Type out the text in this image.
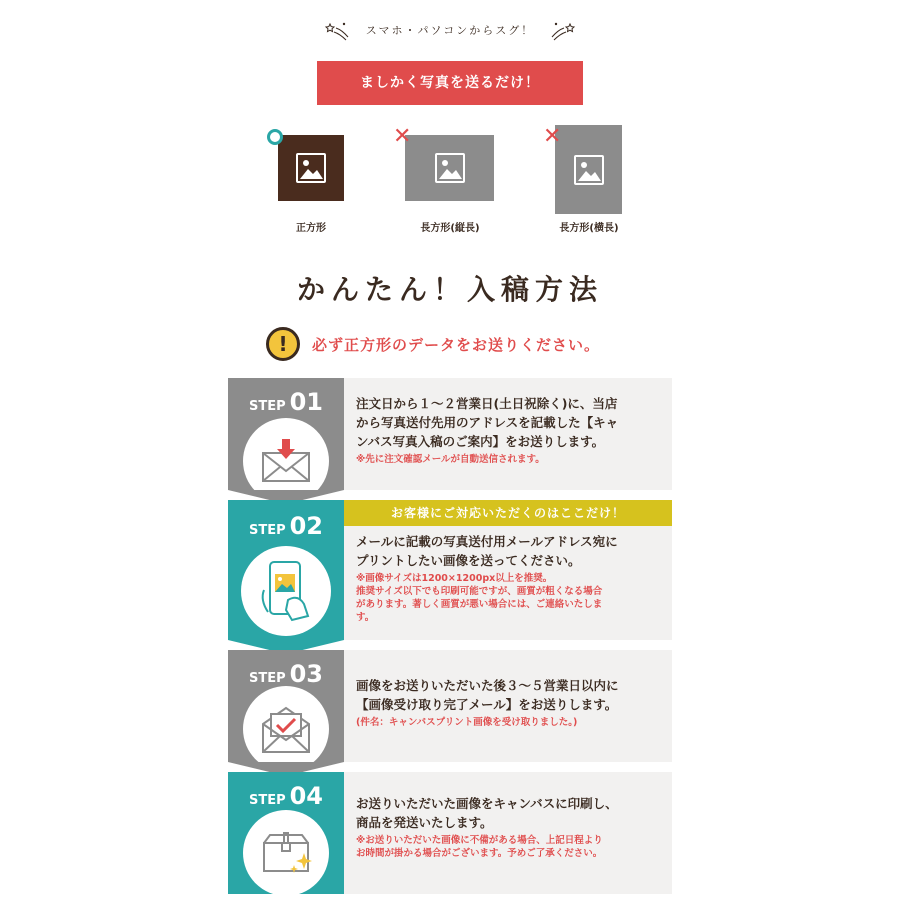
スマホ・パソコンからスグ！
ましかく写真を送るだけ！
正方形
✕
長方形(縦長)
✕
長方形(横長)
かんたん！入稿方法
!	必ず正方形のデータをお送りください。
STEP 01	注文日から１～２営業日(土日祝除く)に、当店
から写真送付先用のアドレスを記載した【キャ
ンバス写真入稿のご案内】をお送りします。
※先に注文確認メールが自動送信されます。
STEP 02	お客様にご対応いただくのはここだけ！
メールに記載の写真送付用メールアドレス宛に
プリントしたい画像を送ってください。
※画像サイズは1200×1200px以上を推奨。
推奨サイズ以下でも印刷可能ですが、画質が粗くなる場合
があります。著しく画質が悪い場合には、ご連絡いたしま
す。
STEP 03	画像をお送りいただいた後３～５営業日以内に
【画像受け取り完了メール】をお送りします。
(件名：キャンバスプリント画像を受け取りました。)
STEP 04	お送りいただいた画像をキャンバスに印刷し、
商品を発送いたします。
※お送りいただいた画像に不備がある場合、上記日程より
お時間が掛かる場合がございます。予めご了承ください。
